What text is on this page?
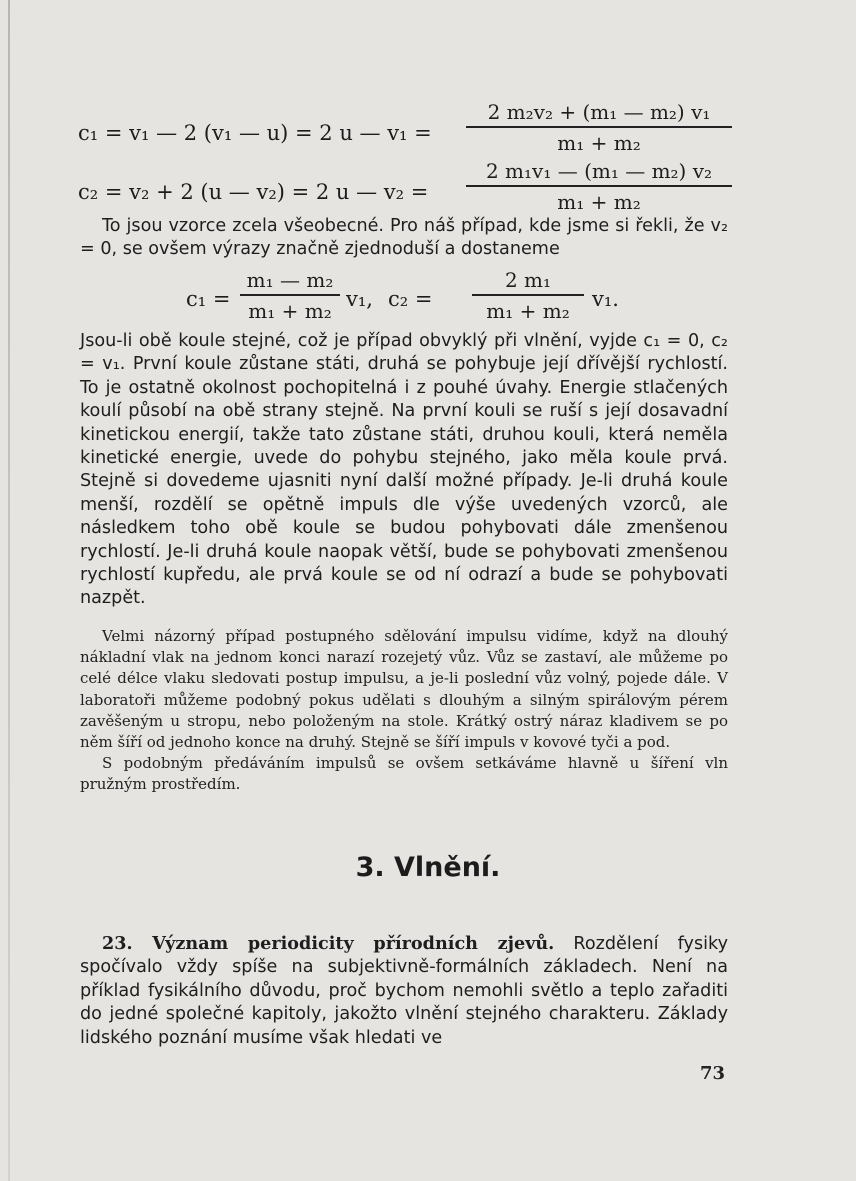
c₁ = v₁ — 2 (v₁ — u) = 2 u — $v_1 = \frac{\text{2 m₂v₂ + (m₁ — m₂) v₁}}{\text{m₁ + m₂}}$
c₂ = v₂ + 2 (u — v₂) = 2 u — $v_2 = \frac{\text{2 m₁v₁ — (m₁ — m₂) v₂}}{\text{m₁ + m₂}}$

To jsou vzorce zcela všeobecné. Pro náš případ, kde jsme si řekli, že v₂ = 0, se ovšem výrazy značně zjednoduší a dostaneme

$c_1 = \frac{\text{m₁ — m₂}}{\text{m₁ + m₂}} v_1$, $c_2 = \frac{\text{2 m₁}}{\text{m₁ + m₂}} v_1$.

Jsou-li obě koule stejné, což je případ obvyklý při vlnění, vyjde c₁ = 0, c₂ = v₁. První koule zůstane státi, druhá se pohybuje její dřívější rychlostí. To je ostatně okolnost pochopitelná i z pouhé úvahy. Energie stlačených koulí působí na obě strany stejně. Na první kouli se ruší s její dosavadní kinetickou energií, takže tato zůstane státi, druhou kouli, která neměla kinetické energie, uvede do pohybu stejného, jako měla koule prvá. Stejně si dovedeme ujasniti nyní další možné případy. Je-li druhá koule menší, rozdělí se opětně impuls dle výše uvedených vzorců, ale následkem toho obě koule se budou pohybovati dále zmenšenou rychlostí. Je-li druhá koule naopak větší, bude se pohybovati zmenšenou rychlostí kupředu, ale prvá koule se od ní odrazí a bude se pohybovati nazpět.

Velmi názorný případ postupného sdělování impulsu vidíme, když na dlouhý nákladní vlak na jednom konci narazí rozejetý vůz. Vůz se zastaví, ale můžeme po celé délce vlaku sledovati postup impulsu, a je-li poslední vůz volný, pojede dále. V laboratoři můžeme podobný pokus udělati s dlouhým a silným spirálovým pérem zavěšeným u stropu, nebo položeným na stole. Krátký ostrý náraz kladivem se po něm šíří od jednoho konce na druhý. Stejně se šíří impuls v kovové tyči a pod.

S podobným předáváním impulsů se ovšem setkáváme hlavně u šíření vln pružným prostředím.

3. Vlnění.

23. Význam periodicity přírodních zjevů. Rozdělení fysiky spočívalo vždy spíše na subjektivně-formálních základech. Není na příklad fysikálního důvodu, proč bychom nemohli světlo a teplo zařaditi do jedné společné kapitoly, jakožto vlnění stejného charakteru. Základy lidského poznání musíme však hledati ve

73
